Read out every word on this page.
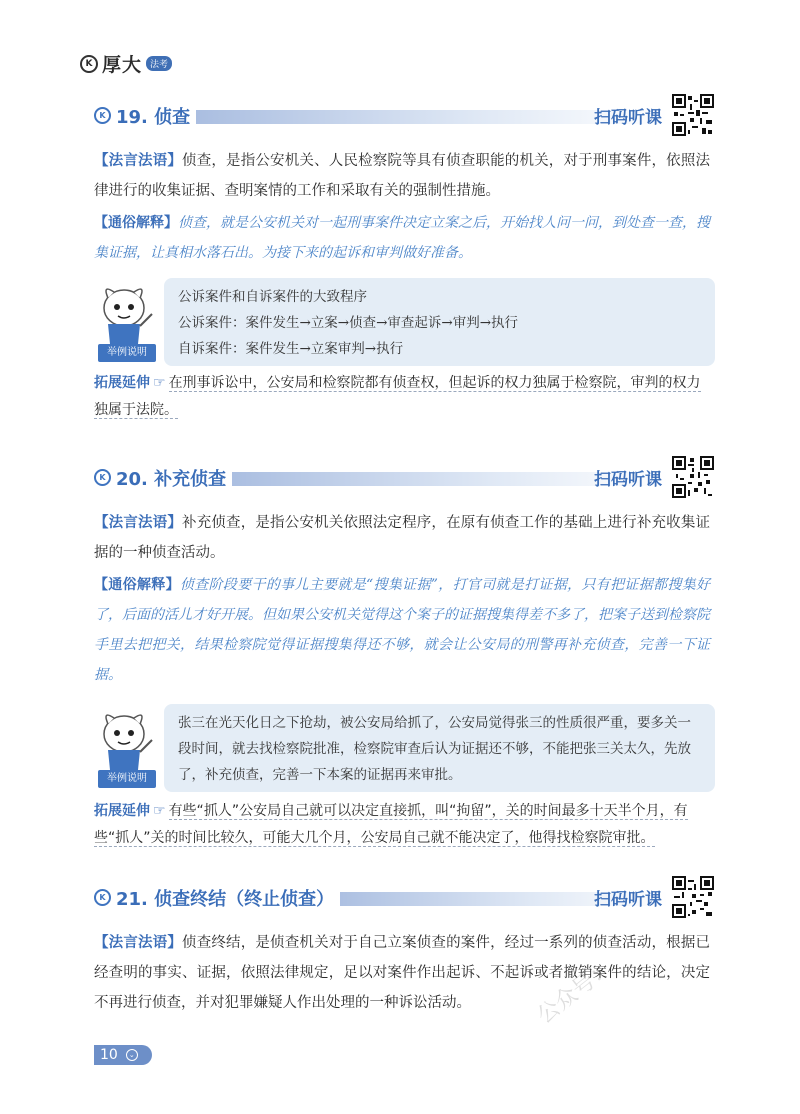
K 厚大 法考
K 19. 侦查	扫码听课

【法言法语】侦查，是指公安机关、人民检察院等具有侦查职能的机关，对于刑事案件，依照法律进行的收集证据、查明案情的工作和采取有关的强制性措施。

【通俗解释】侦查，就是公安机关对一起刑事案件决定立案之后，开始找人问一问，到处查一查，搜集证据，让真相水落石出。为接下来的起诉和审判做好准备。

举例说明
公诉案件和自诉案件的大致程序
公诉案件：案件发生→立案→侦查→审查起诉→审判→执行
自诉案件：案件发生→立案审判→执行
拓展延伸 ☞ 在刑事诉讼中，公安局和检察院都有侦查权，但起诉的权力独属于检察院，审判的权力独属于法院。
K 20. 补充侦查	扫码听课

【法言法语】补充侦查，是指公安机关依照法定程序，在原有侦查工作的基础上进行补充收集证据的一种侦查活动。

【通俗解释】侦查阶段要干的事儿主要就是“搜集证据”，打官司就是打证据，只有把证据都搜集好了，后面的活儿才好开展。但如果公安机关觉得这个案子的证据搜集得差不多了，把案子送到检察院手里去把把关，结果检察院觉得证据搜集得还不够，就会让公安局的刑警再补充侦查，完善一下证据。

举例说明
张三在光天化日之下抢劫，被公安局给抓了，公安局觉得张三的性质很严重，要多关一段时间，就去找检察院批准，检察院审查后认为证据还不够，不能把张三关太久，先放了，补充侦查，完善一下本案的证据再来审批。
拓展延伸 ☞ 有些“抓人”公安局自己就可以决定直接抓，叫“拘留”，关的时间最多十天半个月，有些“抓人”关的时间比较久，可能大几个月，公安局自己就不能决定了，他得找检察院审批。
K 21. 侦查终结（终止侦查）	扫码听课

【法言法语】侦查终结，是侦查机关对于自己立案侦查的案件，经过一系列的侦查活动，根据已经查明的事实、证据，依照法律规定，足以对案件作出起诉、不起诉或者撤销案件的结论，决定不再进行侦查，并对犯罪嫌疑人作出处理的一种诉讼活动。

10	⌄
公众号：
